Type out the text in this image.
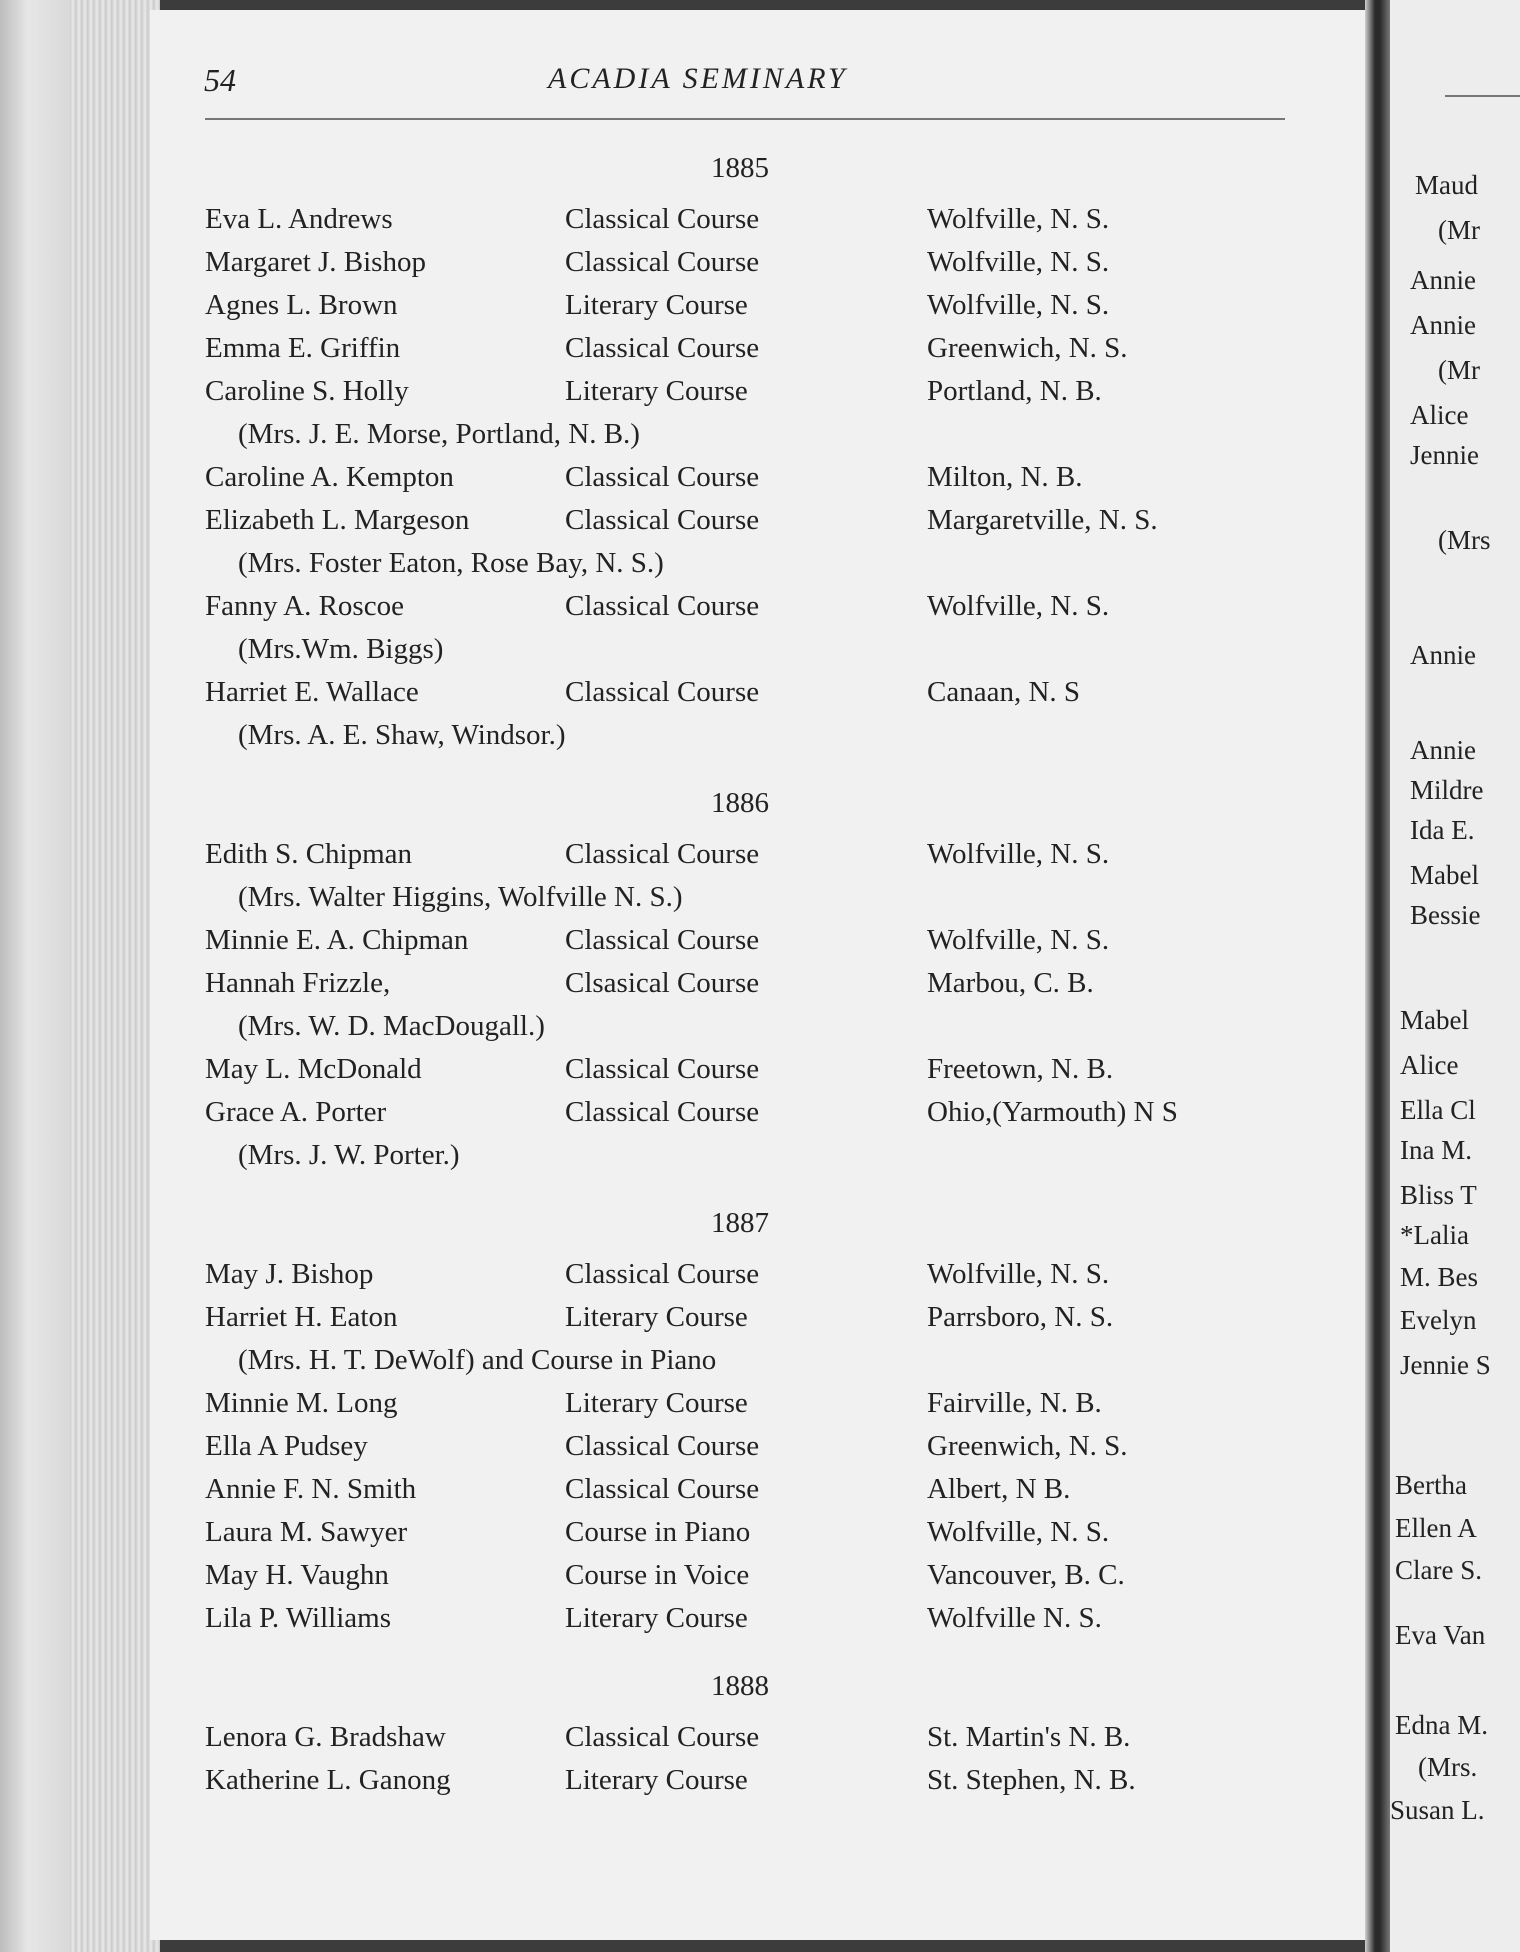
Maud
(Mr
Annie
Annie
(Mr
Alice
Jennie
(Mrs
Annie
Annie
Mildre
Ida E.
Mabel
Bessie
Mabel
Alice
Ella Cl
Ina M.
Bliss T
*Lalia
M. Bes
Evelyn
Jennie S
Bertha
Ellen A
Clare S.
Eva Van
Edna M.
(Mrs.
Susan L.
54	ACADIA SEMINARY
1885
Eva L. Andrews	Classical Course	Wolfville, N. S.
Margaret J. Bishop	Classical Course	Wolfville, N. S.
Agnes L. Brown	Literary Course	Wolfville, N. S.
Emma E. Griffin	Classical Course	Greenwich, N. S.
Caroline S. Holly	Literary Course	Portland, N. B.
(Mrs. J. E. Morse, Portland, N. B.)
Caroline A. Kempton	Classical Course	Milton, N. B.
Elizabeth L. Margeson	Classical Course	Margaretville, N. S.
(Mrs. Foster Eaton, Rose Bay, N. S.)
Fanny A. Roscoe	Classical Course	Wolfville, N. S.
(Mrs.Wm. Biggs)
Harriet E. Wallace	Classical Course	Canaan, N. S
(Mrs. A. E. Shaw, Windsor.)
1886
Edith S. Chipman	Classical Course	Wolfville, N. S.
(Mrs. Walter Higgins, Wolfville N. S.)
Minnie E. A. Chipman	Classical Course	Wolfville, N. S.
Hannah Frizzle,	Clsasical Course	Marbou, C. B.
(Mrs. W. D. MacDougall.)
May L. McDonald	Classical Course	Freetown, N. B.
Grace A. Porter	Classical Course	Ohio,(Yarmouth) N S
(Mrs. J. W. Porter.)
1887
May J. Bishop	Classical Course	Wolfville, N. S.
Harriet H. Eaton	Literary Course	Parrsboro, N. S.
(Mrs. H. T. DeWolf) and Course in Piano
Minnie M. Long	Literary Course	Fairville, N. B.
Ella A Pudsey	Classical Course	Greenwich, N. S.
Annie F. N. Smith	Classical Course	Albert, N B.
Laura M. Sawyer	Course in Piano	Wolfville, N. S.
May H. Vaughn	Course in Voice	Vancouver, B. C.
Lila P. Williams	Literary Course	Wolfville N. S.
1888
Lenora G. Bradshaw	Classical Course	St. Martin's N. B.
Katherine L. Ganong	Literary Course	St. Stephen, N. B.
